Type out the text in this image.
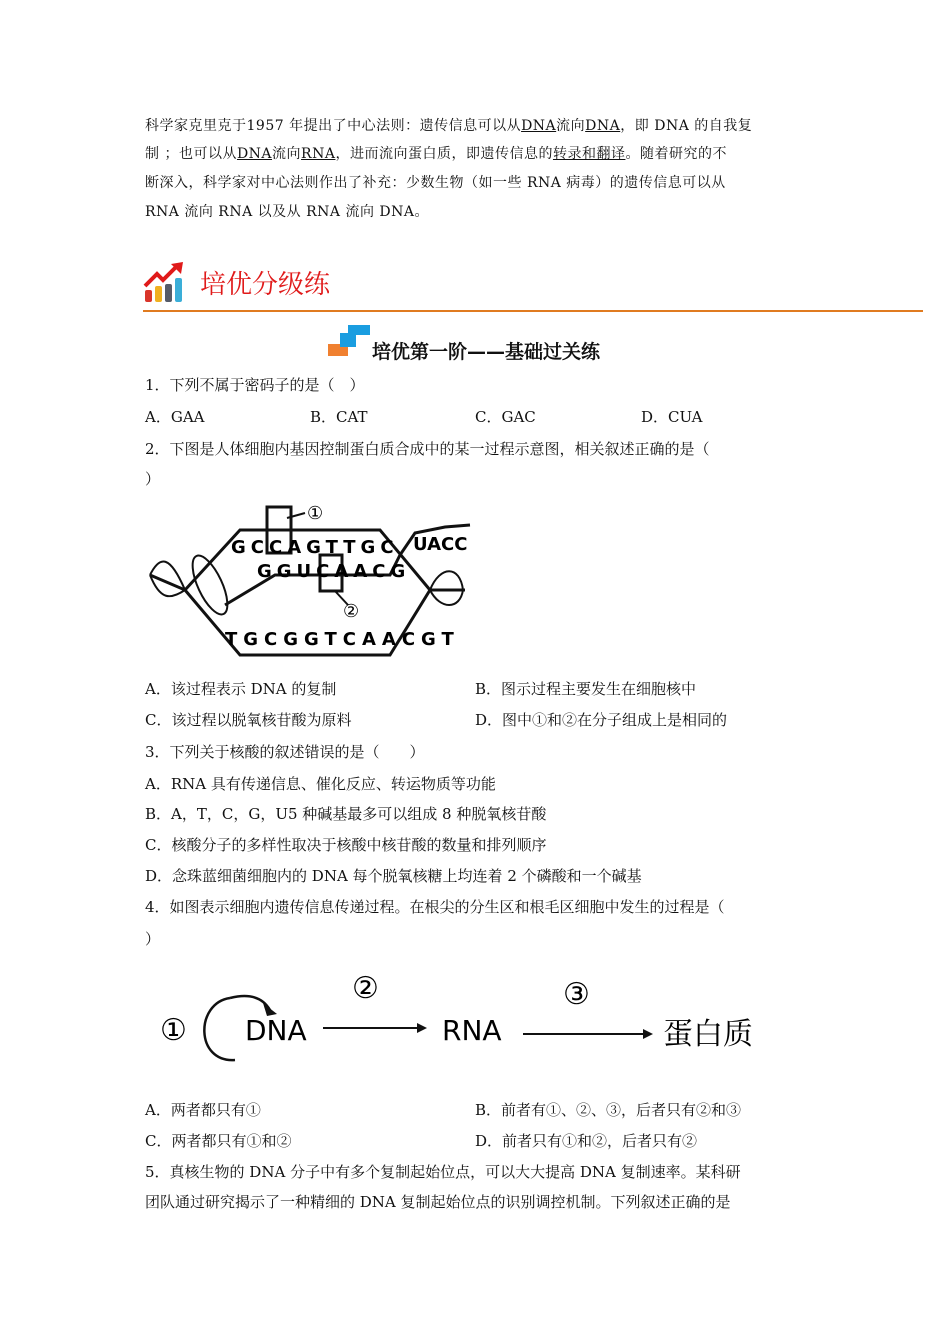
科学家克里克于1957 年提出了中心法则：遗传信息可以从DNA流向DNA，即 DNA 的自我复
制 ；也可以从DNA流向RNA，进而流向蛋白质，即遗传信息的转录和翻译。随着研究的不
断深入，科学家对中心法则作出了补充：少数生物（如一些 RNA 病毒）的遗传信息可以从
RNA 流向 RNA 以及从 RNA 流向 DNA。
培优分级练
培优第一阶——基础过关练
1．下列不属于密码子的是（　）
A．GAA	B．CAT	C．GAC	D．CUA
2．下图是人体细胞内基因控制蛋白质合成中的某一过程示意图，相关叙述正确的是（
）
GCCAGTTGC
GGUCAACG
TGCGGTCAACGT
UACC
①
②
A．该过程表示 DNA 的复制	B．图示过程主要发生在细胞核中
C．该过程以脱氧核苷酸为原料	D．图中①和②在分子组成上是相同的
3．下列关于核酸的叙述错误的是（　　）
A．RNA 具有传递信息、催化反应、转运物质等功能
B．A，T，C，G，U5 种碱基最多可以组成 8 种脱氧核苷酸
C．核酸分子的多样性取决于核酸中核苷酸的数量和排列顺序
D．念珠蓝细菌细胞内的 DNA 每个脱氧核糖上均连着 2 个磷酸和一个碱基
4．如图表示细胞内遗传信息传递过程。在根尖的分生区和根毛区细胞中发生的过程是（
）
① DNA
②
RNA
③
蛋白质
A．两者都只有①	B．前者有①、②、③，后者只有②和③
C．两者都只有①和②	D．前者只有①和②，后者只有②
5．真核生物的 DNA 分子中有多个复制起始位点，可以大大提高 DNA 复制速率。某科研
团队通过研究揭示了一种精细的 DNA 复制起始位点的识别调控机制。下列叙述正确的是
